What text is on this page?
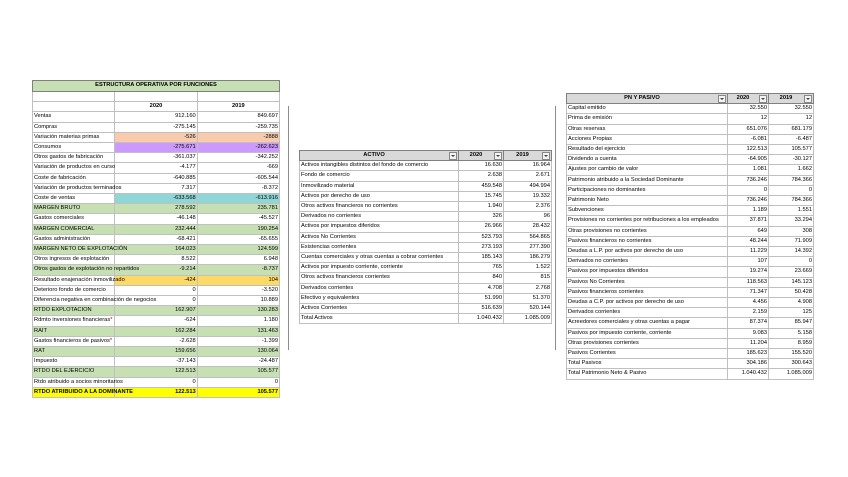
ESTRUCTURA OPERATIVA POR FUNCIONES		

	2020	2019
Ventas	912.160	849.697
Compras	-275.145	-259.735
Variación materias primas	-526	-2888
Consumos	-275.671	-262.623
Otros gastos de fabricación	-361.037	-342.252
Variación de productos en curso	-4.177	-669
Coste de fabricación	-640.885	-605.544
Variación de productos terminados	7.317	-8.372
Coste de ventas	-633.568	-613.916
MARGEN BRUTO	278.592	235.781
Gastos comerciales	-46.148	-45.527
MARGEN COMERCIAL	232.444	190.254
Gastos administración	-68.421	-65.655
MARGEN NETO DE EXPLOTACIÓN	164.023	124.599
Otros ingresos de explotación	8.522	6.948
Otros gastos de explotación no repartidos	-9.214	-8.737
Resultado enajenación inmovilizado	-424	104
Deterioro fondo de comercio	0	-3.520
Diferencia negativa en combinación de negocios	0	10.889
RTDO EXPLOTACION	162.907	130.283
Rdmto inversiones financieras*	-624	1.180
RAIT	162.284	131.463
Gastos financieros de pasivos*	-2.628	-1.399
RAT	159.656	130.064
Impuesto	-37.143	-24.487
RTDO DEL EJERCICIO	122.513	105.577
Rtdo atribuido a socios minoritarios	0	0
RTDO ATRIBUIDO A LA DOMINANTE	122.513	105.577
ACTIVO	2020	2019

Activos intangibles distintos del fondo de comercio	16.630	16.964
Fondo de comercio	2.638	2.671
Inmovilizado material	459.548	494.994
Activos por derecho de uso	15.745	19.332
Otros activos financieros no corrientes	1.940	2.376
Derivados no corrientes	326	96
Activos por impuestos diferidos	26.966	28.432
Activos No Corrientes	523.793	564.865
Existencias corrientes	273.193	277.390
Cuentas comerciales y otras cuentas a cobrar corrientes	185.143	186.279
Activos por impuesto corriente, corriente	765	1.522
Otros activos financieros corrientes	840	815
Derivados corrientes	4.708	2.768
Efectivo y equivalentes	51.990	51.370
Activos Corrientes	516.639	520.144
Total Activos	1.040.432	1.085.009
PN Y PASIVO	2020	2019

Capital emitido	32.550	32.550
Prima de emisión	12	12
Otras reservas	651.076	681.179
Acciones Propias	-6.081	-6.487
Resultado del ejercicio	122.513	105.577
Dividendo a cuenta	-64.905	-30.127
Ajustes por cambio de valor	1.081	1.662
Patrimonio atribuido a la Sociedad Dominante	736.246	784.366
Participaciones no dominantes	0	0
Patrimonio Neto	736.246	784.366
Subvenciones	1.189	1.551
Provisiones no corrientes por retribuciones a los empleados	37.871	33.294
Otras provisiones no corrientes	649	308
Pasivos financieros no corrientes	48.244	71.909
Deudas a L.P. por activos por derecho de uso	11.229	14.392
Derivados no corrientes	107	0
Pasivos por impuestos diferidos	19.274	23.669
Pasivos No Corrientes	118.563	145.123
Pasivos financieros corrientes	71.347	50.428
Deudas a C.P. por activos por derecho de uso	4.456	4.908
Derivados corrientes	2.159	125
Acreedores comerciales y otras cuentas a pagar	87.374	85.947
Pasivos por impuesto corriente, corriente	9.083	5.158
Otras provisiones corrientes	11.204	8.959
Pasivos Corrientes	185.623	155.520
Total Pasivos	304.186	300.643
Total Patrimonio Neto & Pasivo	1.040.432	1.085.009
